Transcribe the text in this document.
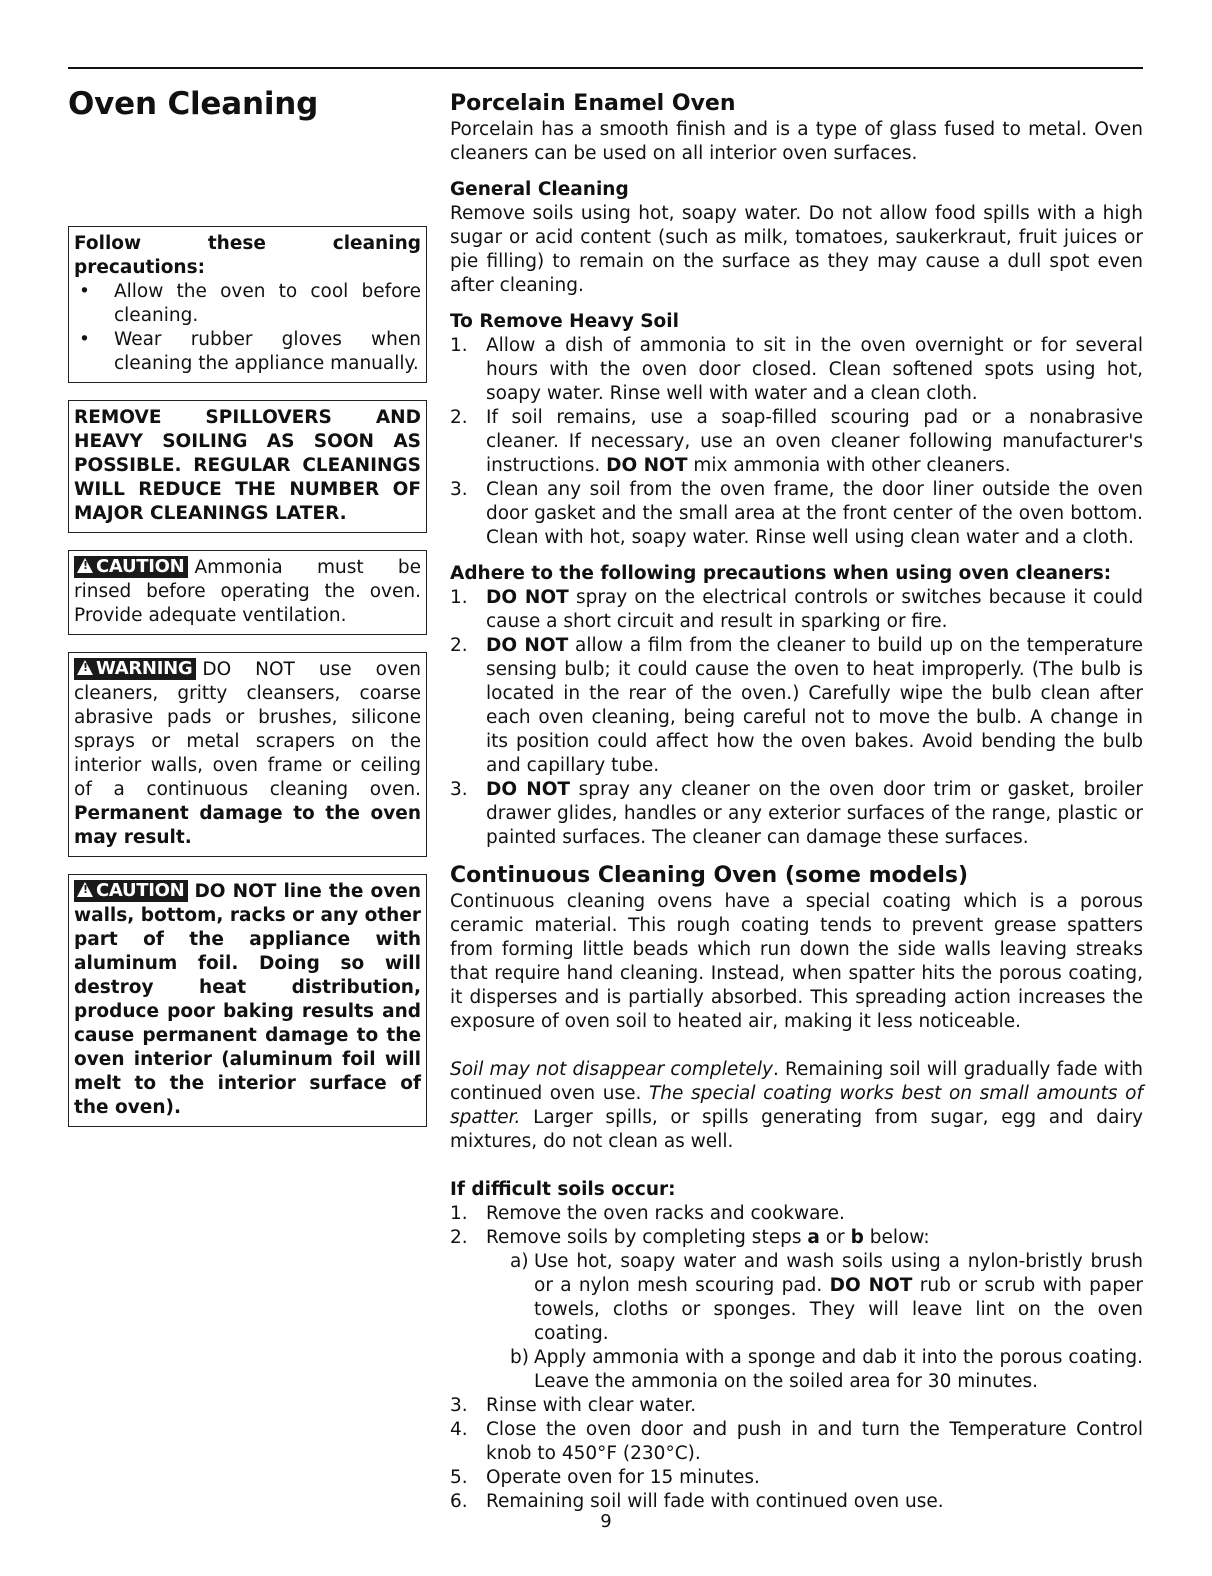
Oven Cleaning

Follow these cleaning precautions:

• Allow the oven to cool before cleaning.
• Wear rubber gloves when cleaning the appliance manually.

REMOVE SPILLOVERS AND HEAVY SOILING AS SOON AS POSSIBLE. REGULAR CLEANINGS WILL REDUCE THE NUMBER OF MAJOR CLEANINGS LATER.

!CAUTION Ammonia must be rinsed before operating the oven. Provide adequate ventilation.

!WARNING DO NOT use oven cleaners, gritty cleansers, coarse abrasive pads or brushes, silicone sprays or metal scrapers on the interior walls, oven frame or ceiling of a continuous cleaning oven. Permanent damage to the oven may result.

!CAUTION DO NOT line the oven walls, bottom, racks or any other part of the appliance with aluminum foil. Doing so will destroy heat distribution, produce poor baking results and cause permanent damage to the oven interior (aluminum foil will melt to the interior surface of the oven).

Porcelain Enamel Oven

Porcelain has a smooth finish and is a type of glass fused to metal. Oven cleaners can be used on all interior oven surfaces.

General Cleaning

Remove soils using hot, soapy water. Do not allow food spills with a high sugar or acid content (such as milk, tomatoes, saukerkraut, fruit juices or pie filling) to remain on the surface as they may cause a dull spot even after cleaning.

To Remove Heavy Soil

1. Allow a dish of ammonia to sit in the oven overnight or for several hours with the oven door closed. Clean softened spots using hot, soapy water. Rinse well with water and a clean cloth.
2. If soil remains, use a soap-filled scouring pad or a nonabrasive cleaner. If necessary, use an oven cleaner following manufacturer's instructions. DO NOT mix ammonia with other cleaners.
3. Clean any soil from the oven frame, the door liner outside the oven door gasket and the small area at the front center of the oven bottom. Clean with hot, soapy water. Rinse well using clean water and a cloth.

Adhere to the following precautions when using oven cleaners:

1. DO NOT spray on the electrical controls or switches because it could cause a short circuit and result in sparking or fire.
2. DO NOT allow a film from the cleaner to build up on the temperature sensing bulb; it could cause the oven to heat improperly. (The bulb is located in the rear of the oven.) Carefully wipe the bulb clean after each oven cleaning, being careful not to move the bulb. A change in its position could affect how the oven bakes. Avoid bending the bulb and capillary tube.
3. DO NOT spray any cleaner on the oven door trim or gasket, broiler drawer glides, handles or any exterior surfaces of the range, plastic or painted surfaces. The cleaner can damage these surfaces.
Continuous Cleaning Oven (some models)

Continuous cleaning ovens have a special coating which is a porous ceramic material. This rough coating tends to prevent grease spatters from forming little beads which run down the side walls leaving streaks that require hand cleaning. Instead, when spatter hits the porous coating, it disperses and is partially absorbed. This spreading action increases the exposure of oven soil to heated air, making it less noticeable.

Soil may not disappear completely. Remaining soil will gradually fade with continued oven use. The special coating works best on small amounts of spatter. Larger spills, or spills generating from sugar, egg and dairy mixtures, do not clean as well.

If difficult soils occur:

1. Remove the oven racks and cookware.
2. Remove soils by completing steps a or b below:
a) Use hot, soapy water and wash soils using a nylon-bristly brush or a nylon mesh scouring pad. DO NOT rub or scrub with paper towels, cloths or sponges. They will leave lint on the oven coating.
b) Apply ammonia with a sponge and dab it into the porous coating. Leave the ammonia on the soiled area for 30 minutes.
3. Rinse with clear water.
4. Close the oven door and push in and turn the Temperature Control knob to 450°F (230°C).
5. Operate oven for 15 minutes.
6. Remaining soil will fade with continued oven use.
9
